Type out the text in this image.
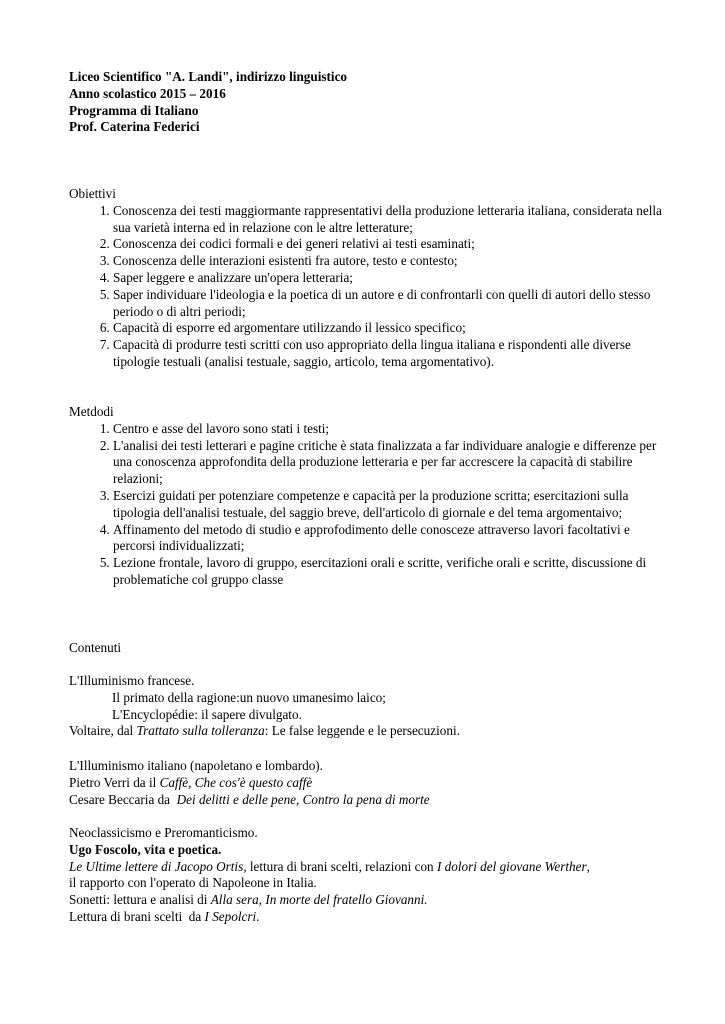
Liceo Scientifico "A. Landi", indirizzo linguistico
Anno scolastico 2015 – 2016
Programma di Italiano
Prof. Caterina Federici
Obiettivi
1. Conoscenza dei testi maggiormante rappresentativi della produzione letteraria italiana, considerata nella sua varietà interna ed in relazione con le altre letterature;
2. Conoscenza dei codici formali e dei generi relativi ai testi esaminati;
3. Conoscenza delle interazioni esistenti fra autore, testo e contesto;
4. Saper leggere e analizzare un'opera letteraria;
5. Saper individuare l'ideologia e la poetica di un autore e di confrontarli con quelli di autori dello stesso periodo o di altri periodi;
6. Capacità di esporre ed argomentare utilizzando il lessico specifico;
7. Capacità di produrre testi scritti con uso appropriato della lingua italiana e rispondenti alle diverse tipologie testuali (analisi testuale, saggio, articolo, tema argomentativo).
Metdodi
1. Centro e asse del lavoro sono stati i testi;
2. L'analisi dei testi letterari e pagine critiche è stata finalizzata a far individuare analogie e differenze per una conoscenza approfondita della produzione letteraria e per far accrescere la capacità di stabilire relazioni;
3. Esercizi guidati per potenziare competenze e capacità per la produzione scritta; esercitazioni sulla tipologia dell'analisi testuale, del saggio breve, dell'articolo di giornale e del tema argomentaivo;
4. Affinamento del metodo di studio e approfodimento delle conosceze attraverso lavori facoltativi e percorsi individualizzati;
5. Lezione frontale, lavoro di gruppo, esercitazioni orali e scritte, verifiche orali e scritte, discussione di problematiche col gruppo classe
Contenuti
L'Illuminismo francese.
Il primato della ragione:un nuovo umanesimo laico;
L'Encyclopédie: il sapere divulgato.
Voltaire, dal Trattato sulla tolleranza: Le false leggende e le persecuzioni.
L'Illuminismo italiano (napoletano e lombardo).
Pietro Verri da il Caffè, Che cos'è questo caffè
Cesare Beccaria da  Dei delitti e delle pene, Contro la pena di morte
Neoclassicismo e Preromanticismo.
Ugo Foscolo, vita e poetica.
Le Ultime lettere di Jacopo Ortis, lettura di brani scelti, relazioni con I dolori del giovane Werther,
il rapporto con l'operato di Napoleone in Italia.
Sonetti: lettura e analisi di Alla sera, In morte del fratello Giovanni.
Lettura di brani scelti  da I Sepolcri.
